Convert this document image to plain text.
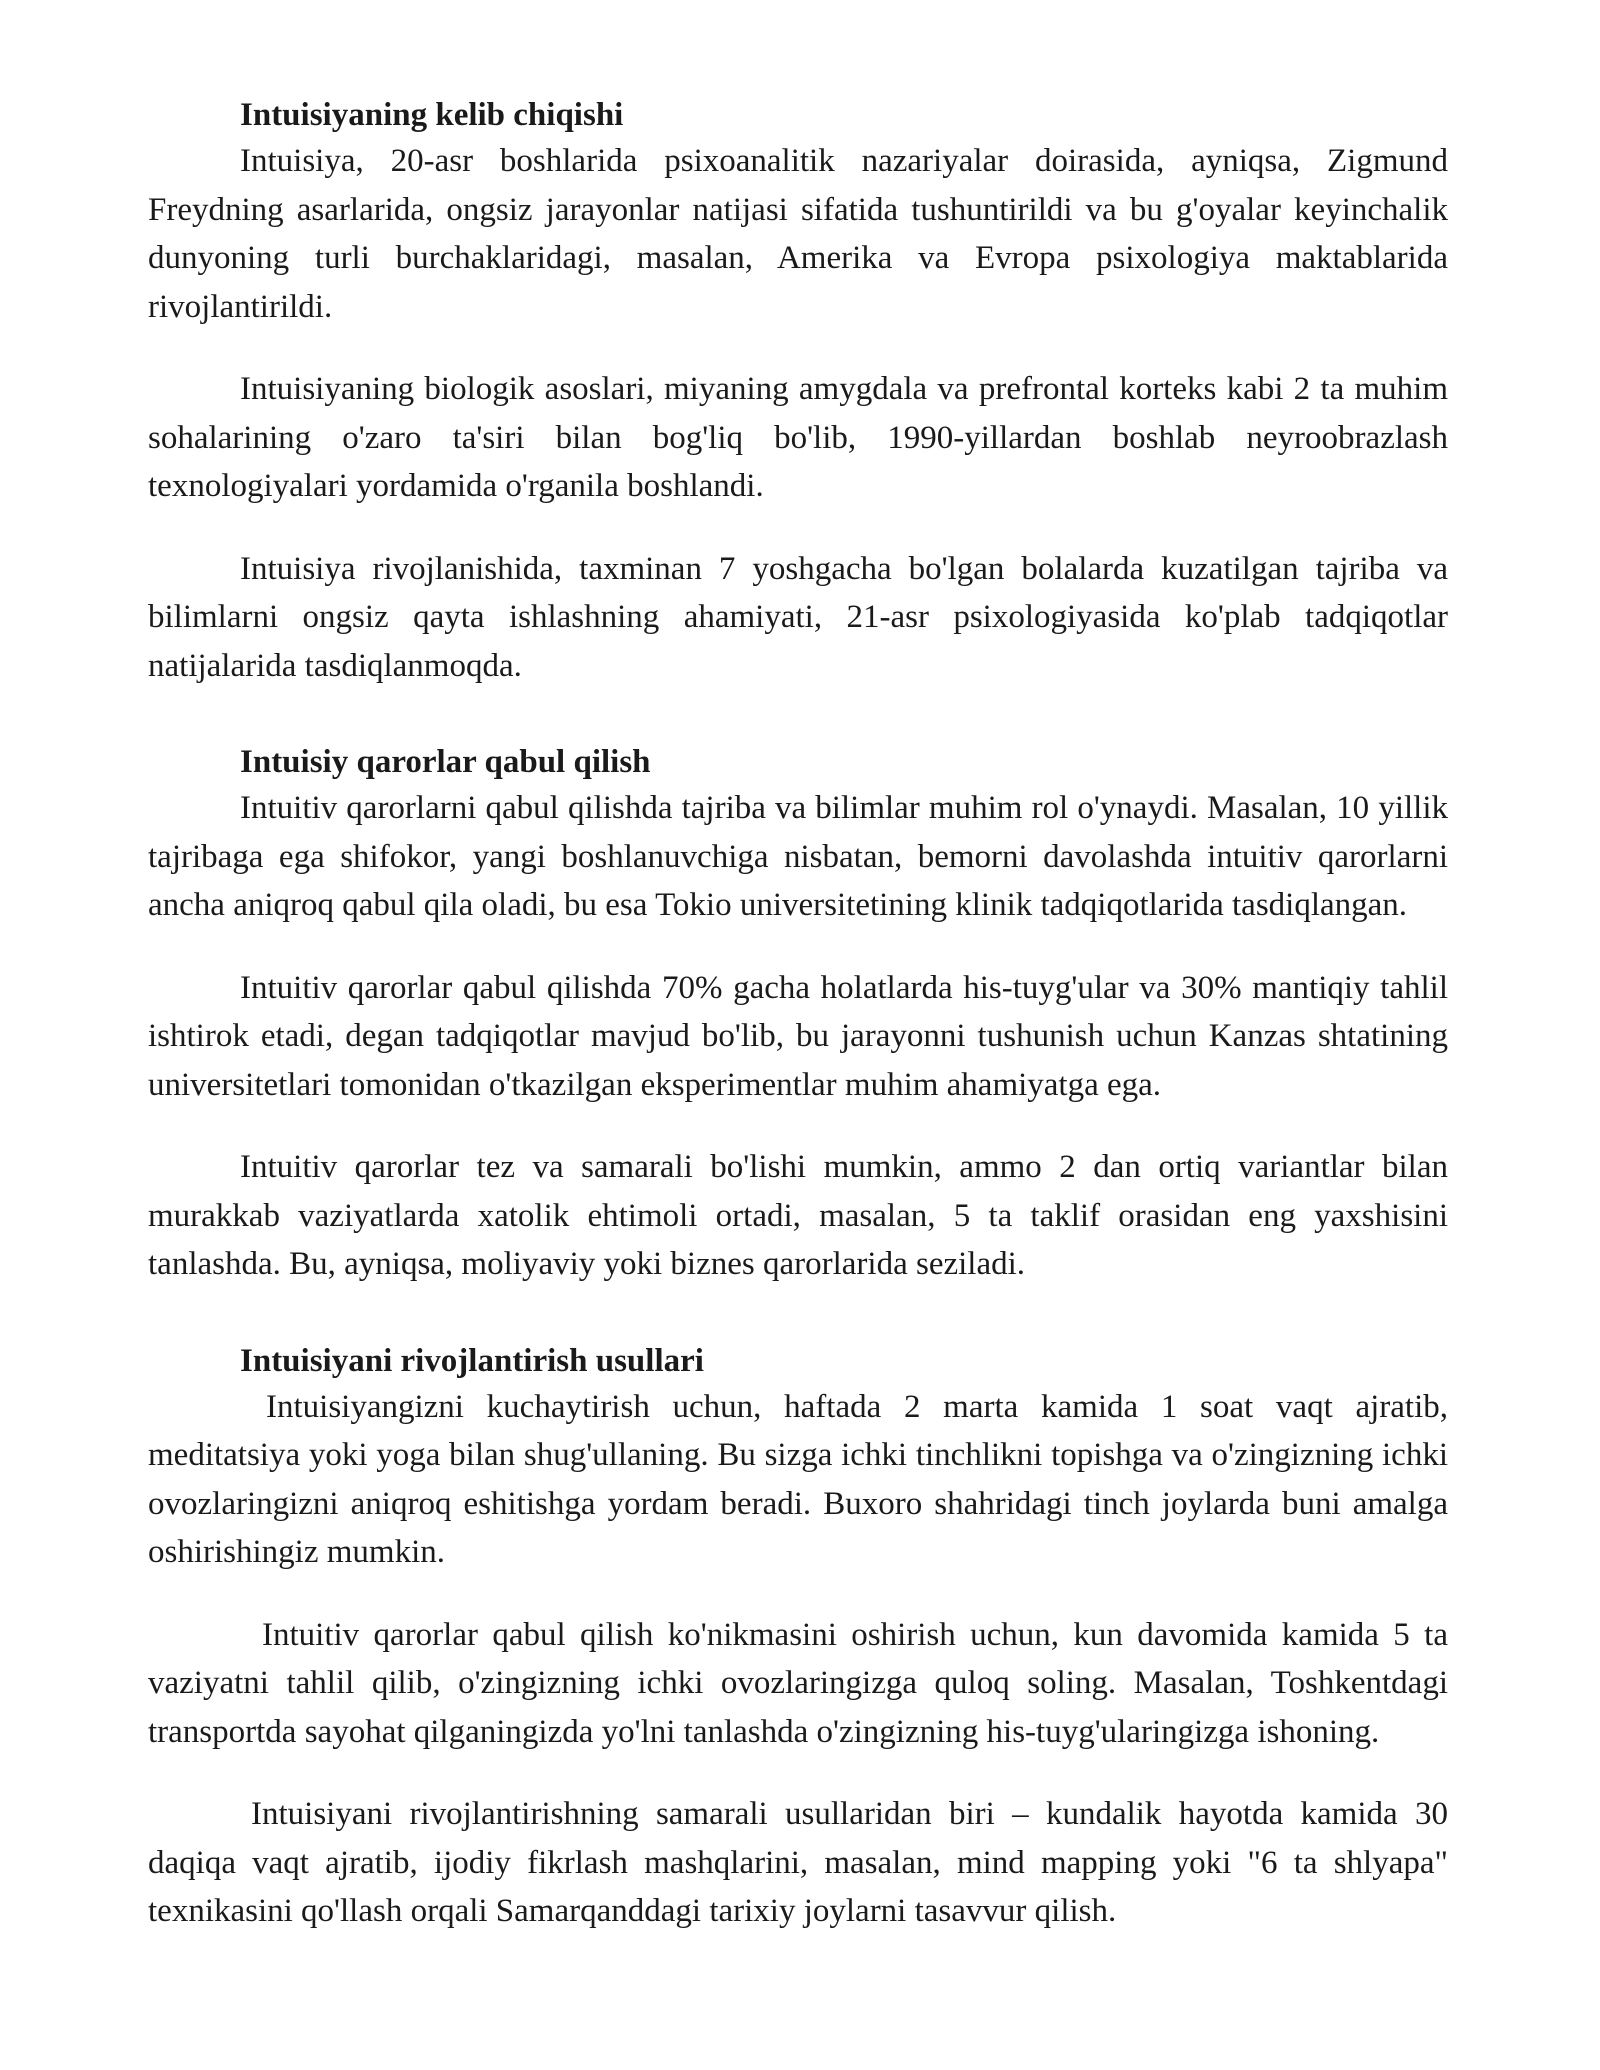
Intuisiyaning kelib chiqishi

Intuisiya, 20-asr boshlarida psixoanalitik nazariyalar doirasida, ayniqsa, Zigmund Freydning asarlarida, ongsiz jarayonlar natijasi sifatida tushuntirildi va bu g'oyalar keyinchalik dunyoning turli burchaklaridagi, masalan, Amerika va Evropa psixologiya maktablarida rivojlantirildi.

Intuisiyaning biologik asoslari, miyaning amygdala va prefrontal korteks kabi 2 ta muhim sohalarining o'zaro ta'siri bilan bog'liq bo'lib, 1990-yillardan boshlab neyroobrazlash texnologiyalari yordamida o'rganila boshlandi.

Intuisiya rivojlanishida, taxminan 7 yoshgacha bo'lgan bolalarda kuzatilgan tajriba va bilimlarni ongsiz qayta ishlashning ahamiyati, 21-asr psixologiyasida ko'plab tadqiqotlar natijalarida tasdiqlanmoqda.

Intuisiy qarorlar qabul qilish

Intuitiv qarorlarni qabul qilishda tajriba va bilimlar muhim rol o'ynaydi. Masalan, 10 yillik tajribaga ega shifokor, yangi boshlanuvchiga nisbatan, bemorni davolashda intuitiv qarorlarni ancha aniqroq qabul qila oladi, bu esa Tokio universitetining klinik tadqiqotlarida tasdiqlangan.

Intuitiv qarorlar qabul qilishda 70% gacha holatlarda his-tuyg'ular va 30% mantiqiy tahlil ishtirok etadi, degan tadqiqotlar mavjud bo'lib, bu jarayonni tushunish uchun Kanzas shtatining universitetlari tomonidan o'tkazilgan eksperimentlar muhim ahamiyatga ega.

Intuitiv qarorlar tez va samarali bo'lishi mumkin, ammo 2 dan ortiq variantlar bilan murakkab vaziyatlarda xatolik ehtimoli ortadi, masalan, 5 ta taklif orasidan eng yaxshisini tanlashda. Bu, ayniqsa, moliyaviy yoki biznes qarorlarida seziladi.

Intuisiyani rivojlantirish usullari

Intuisiyangizni kuchaytirish uchun, haftada 2 marta kamida 1 soat vaqt ajratib, meditatsiya yoki yoga bilan shug'ullaning. Bu sizga ichki tinchlikni topishga va o'zingizning ichki ovozlaringizni aniqroq eshitishga yordam beradi. Buxoro shahridagi tinch joylarda buni amalga oshirishingiz mumkin.

Intuitiv qarorlar qabul qilish ko'nikmasini oshirish uchun, kun davomida kamida 5 ta vaziyatni tahlil qilib, o'zingizning ichki ovozlaringizga quloq soling. Masalan, Toshkentdagi transportda sayohat qilganingizda yo'lni tanlashda o'zingizning his-tuyg'ularingizga ishoning.

Intuisiyani rivojlantirishning samarali usullaridan biri – kundalik hayotda kamida 30 daqiqa vaqt ajratib, ijodiy fikrlash mashqlarini, masalan, mind mapping yoki "6 ta shlyapa" texnikasini qo'llash orqali Samarqanddagi tarixiy joylarni tasavvur qilish.
